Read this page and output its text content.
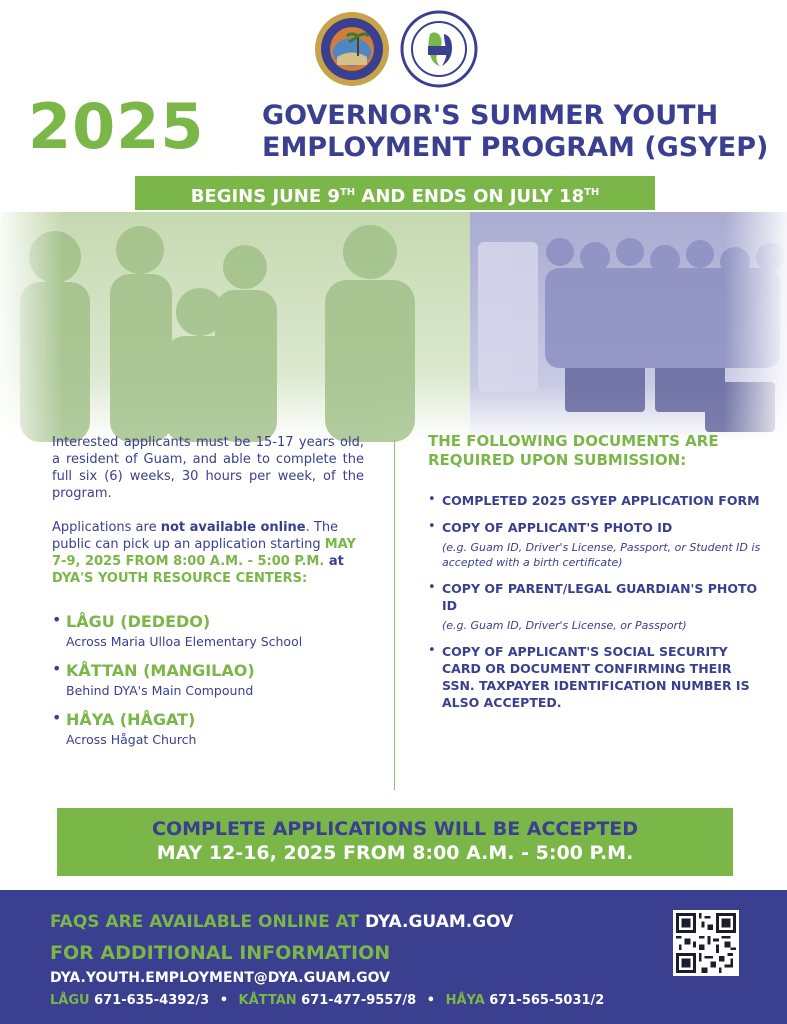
2025 GOVERNOR'S SUMMER YOUTH
EMPLOYMENT PROGRAM (GSYEP)
BEGINS JUNE 9TH AND ENDS ON JULY 18TH

Interested applicants must be 15-17 years old, a resident of Guam, and able to complete the full six (6) weeks, 30 hours per week, of the program.

Applications are not available online. The public can pick up an application starting MAY 7-9, 2025 FROM 8:00 A.M. - 5:00 P.M. at DYA'S YOUTH RESOURCE CENTERS:

• LÅGU (DEDEDO)
Across Maria Ulloa Elementary School
• KÅTTAN (MANGILAO)
Behind DYA's Main Compound
• HÅYA (HÅGAT)
Across Hågat Church
THE FOLLOWING DOCUMENTS ARE
REQUIRED UPON SUBMISSION:
• COMPLETED 2025 GSYEP APPLICATION FORM
• COPY OF APPLICANT'S PHOTO ID
(e.g. Guam ID, Driver's License, Passport, or Student ID is accepted with a birth certificate)
• COPY OF PARENT/LEGAL GUARDIAN'S PHOTO ID
(e.g. Guam ID, Driver's License, or Passport)
• COPY OF APPLICANT'S SOCIAL SECURITY CARD OR DOCUMENT CONFIRMING THEIR SSN. TAXPAYER IDENTIFICATION NUMBER IS ALSO ACCEPTED.
COMPLETE APPLICATIONS WILL BE ACCEPTED
MAY 12-16, 2025 FROM 8:00 A.M. - 5:00 P.M.
FAQS ARE AVAILABLE ONLINE AT DYA.GUAM.GOV
FOR ADDITIONAL INFORMATION
DYA.YOUTH.EMPLOYMENT@DYA.GUAM.GOV
LÅGU 671-635-4392/3 • KÅTTAN 671-477-9557/8 • HÅYA 671-565-5031/2
